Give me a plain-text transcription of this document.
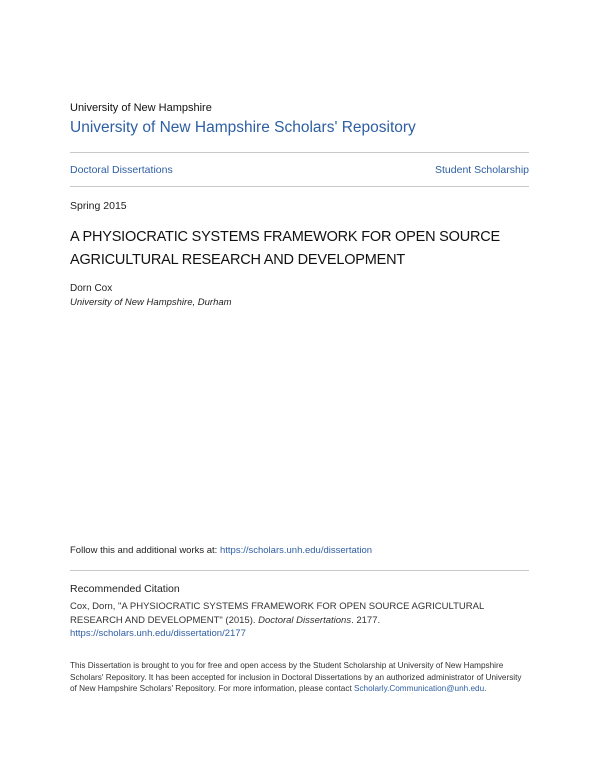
University of New Hampshire
University of New Hampshire Scholars' Repository
Doctoral Dissertations	Student Scholarship
Spring 2015
A PHYSIOCRATIC SYSTEMS FRAMEWORK FOR OPEN SOURCE AGRICULTURAL RESEARCH AND DEVELOPMENT
Dorn Cox
University of New Hampshire, Durham
Follow this and additional works at: https://scholars.unh.edu/dissertation
Recommended Citation
Cox, Dorn, "A PHYSIOCRATIC SYSTEMS FRAMEWORK FOR OPEN SOURCE AGRICULTURAL RESEARCH AND DEVELOPMENT" (2015). Doctoral Dissertations. 2177.
https://scholars.unh.edu/dissertation/2177
This Dissertation is brought to you for free and open access by the Student Scholarship at University of New Hampshire Scholars' Repository. It has been accepted for inclusion in Doctoral Dissertations by an authorized administrator of University of New Hampshire Scholars' Repository. For more information, please contact Scholarly.Communication@unh.edu.
